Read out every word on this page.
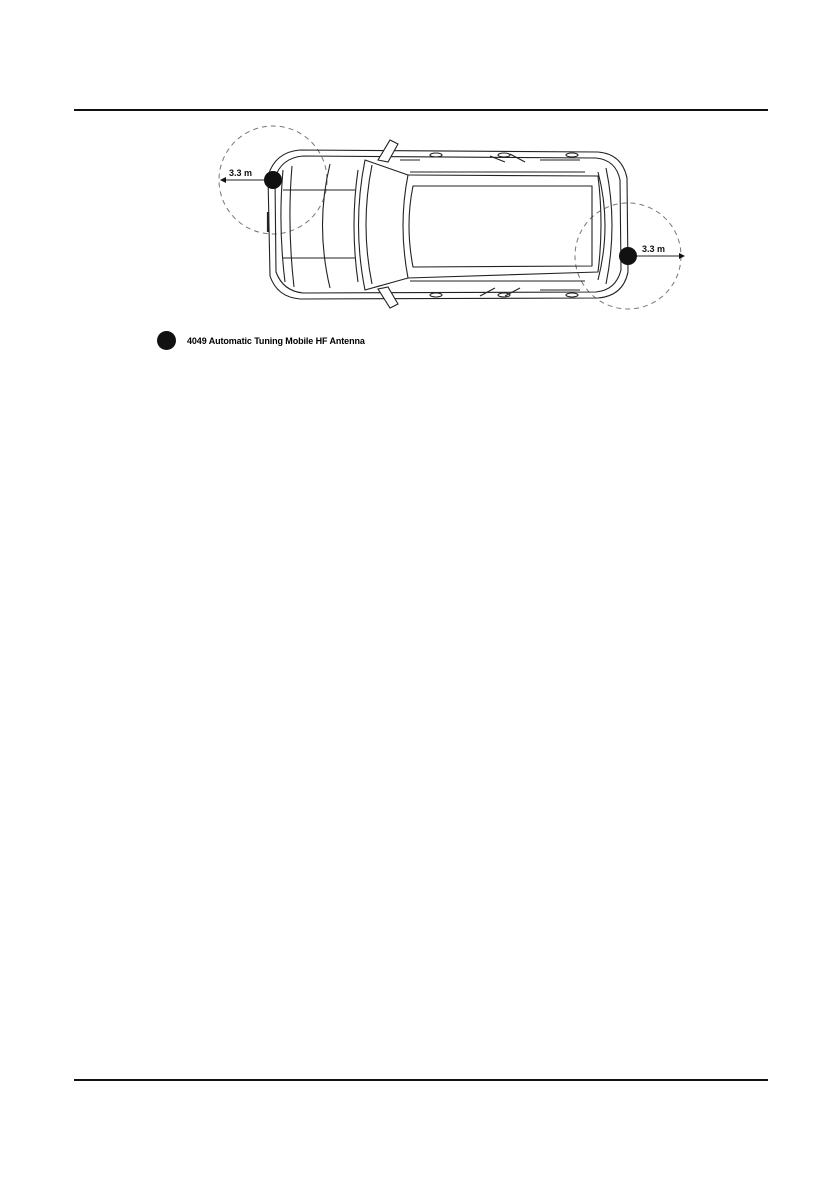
3.3 m
3.3 m
4049 Automatic Tuning Mobile HF Antenna
